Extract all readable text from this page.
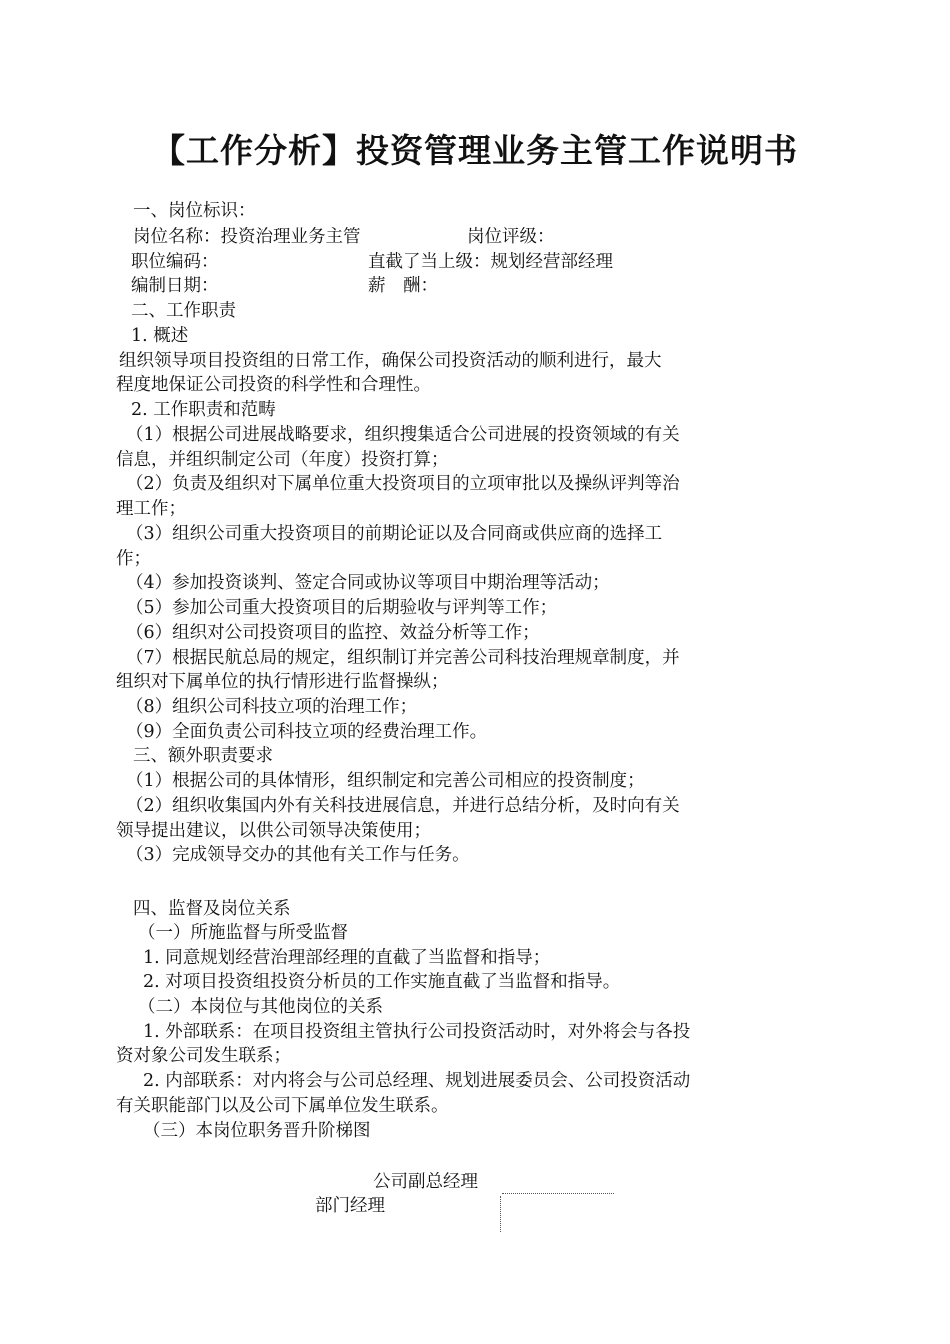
【工作分析】投资管理业务主管工作说明书

一、岗位标识：

岗位名称：投资治理业务主管	岗位评级：

职位编码：	直截了当上级：规划经营部经理

编制日期：	薪　酬：

二、工作职责

1. 概述

组织领导项目投资组的日常工作，确保公司投资活动的顺利进行，最大

程度地保证公司投资的科学性和合理性。

2. 工作职责和范畴

（1）根据公司进展战略要求，组织搜集适合公司进展的投资领域的有关

信息，并组织制定公司（年度）投资打算；

（2）负责及组织对下属单位重大投资项目的立项审批以及操纵评判等治

理工作；

（3）组织公司重大投资项目的前期论证以及合同商或供应商的选择工

作；

（4）参加投资谈判、签定合同或协议等项目中期治理等活动；

（5）参加公司重大投资项目的后期验收与评判等工作；

（6）组织对公司投资项目的监控、效益分析等工作；

（7）根据民航总局的规定，组织制订并完善公司科技治理规章制度，并

组织对下属单位的执行情形进行监督操纵；

（8）组织公司科技立项的治理工作；

（9）全面负责公司科技立项的经费治理工作。

三、额外职责要求

（1）根据公司的具体情形，组织制定和完善公司相应的投资制度；

（2）组织收集国内外有关科技进展信息，并进行总结分析，及时向有关

领导提出建议，以供公司领导决策使用；

（3）完成领导交办的其他有关工作与任务。

四、监督及岗位关系

（一）所施监督与所受监督

1. 同意规划经营治理部经理的直截了当监督和指导；

2. 对项目投资组投资分析员的工作实施直截了当监督和指导。

（二）本岗位与其他岗位的关系

1. 外部联系：在项目投资组主管执行公司投资活动时，对外将会与各投

资对象公司发生联系；

2. 内部联系：对内将会与公司总经理、规划进展委员会、公司投资活动

有关职能部门以及公司下属单位发生联系。

（三）本岗位职务晋升阶梯图

公司副总经理

部门经理
